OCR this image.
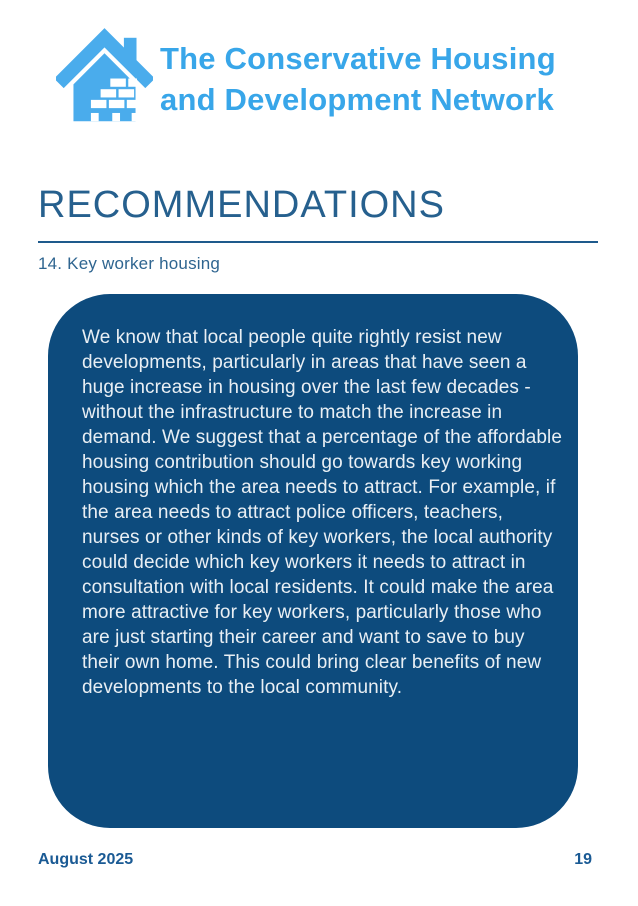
The Conservative Housing
and Development Network
RECOMMENDATIONS
14. Key worker housing

We know that local people quite rightly resist new developments, particularly in areas that have seen a huge increase in housing over the last few decades - without the infrastructure to match the increase in demand. We suggest that a percentage of the affordable housing contribution should go towards key working housing which the area needs to attract. For example, if the area needs to attract police officers, teachers, nurses or other kinds of key workers, the local authority could decide which key workers it needs to attract in consultation with local residents. It could make the area more attractive for key workers, particularly those who are just starting their career and want to save to buy their own home. This could bring clear benefits of new developments to the local community.

August 2025	19
